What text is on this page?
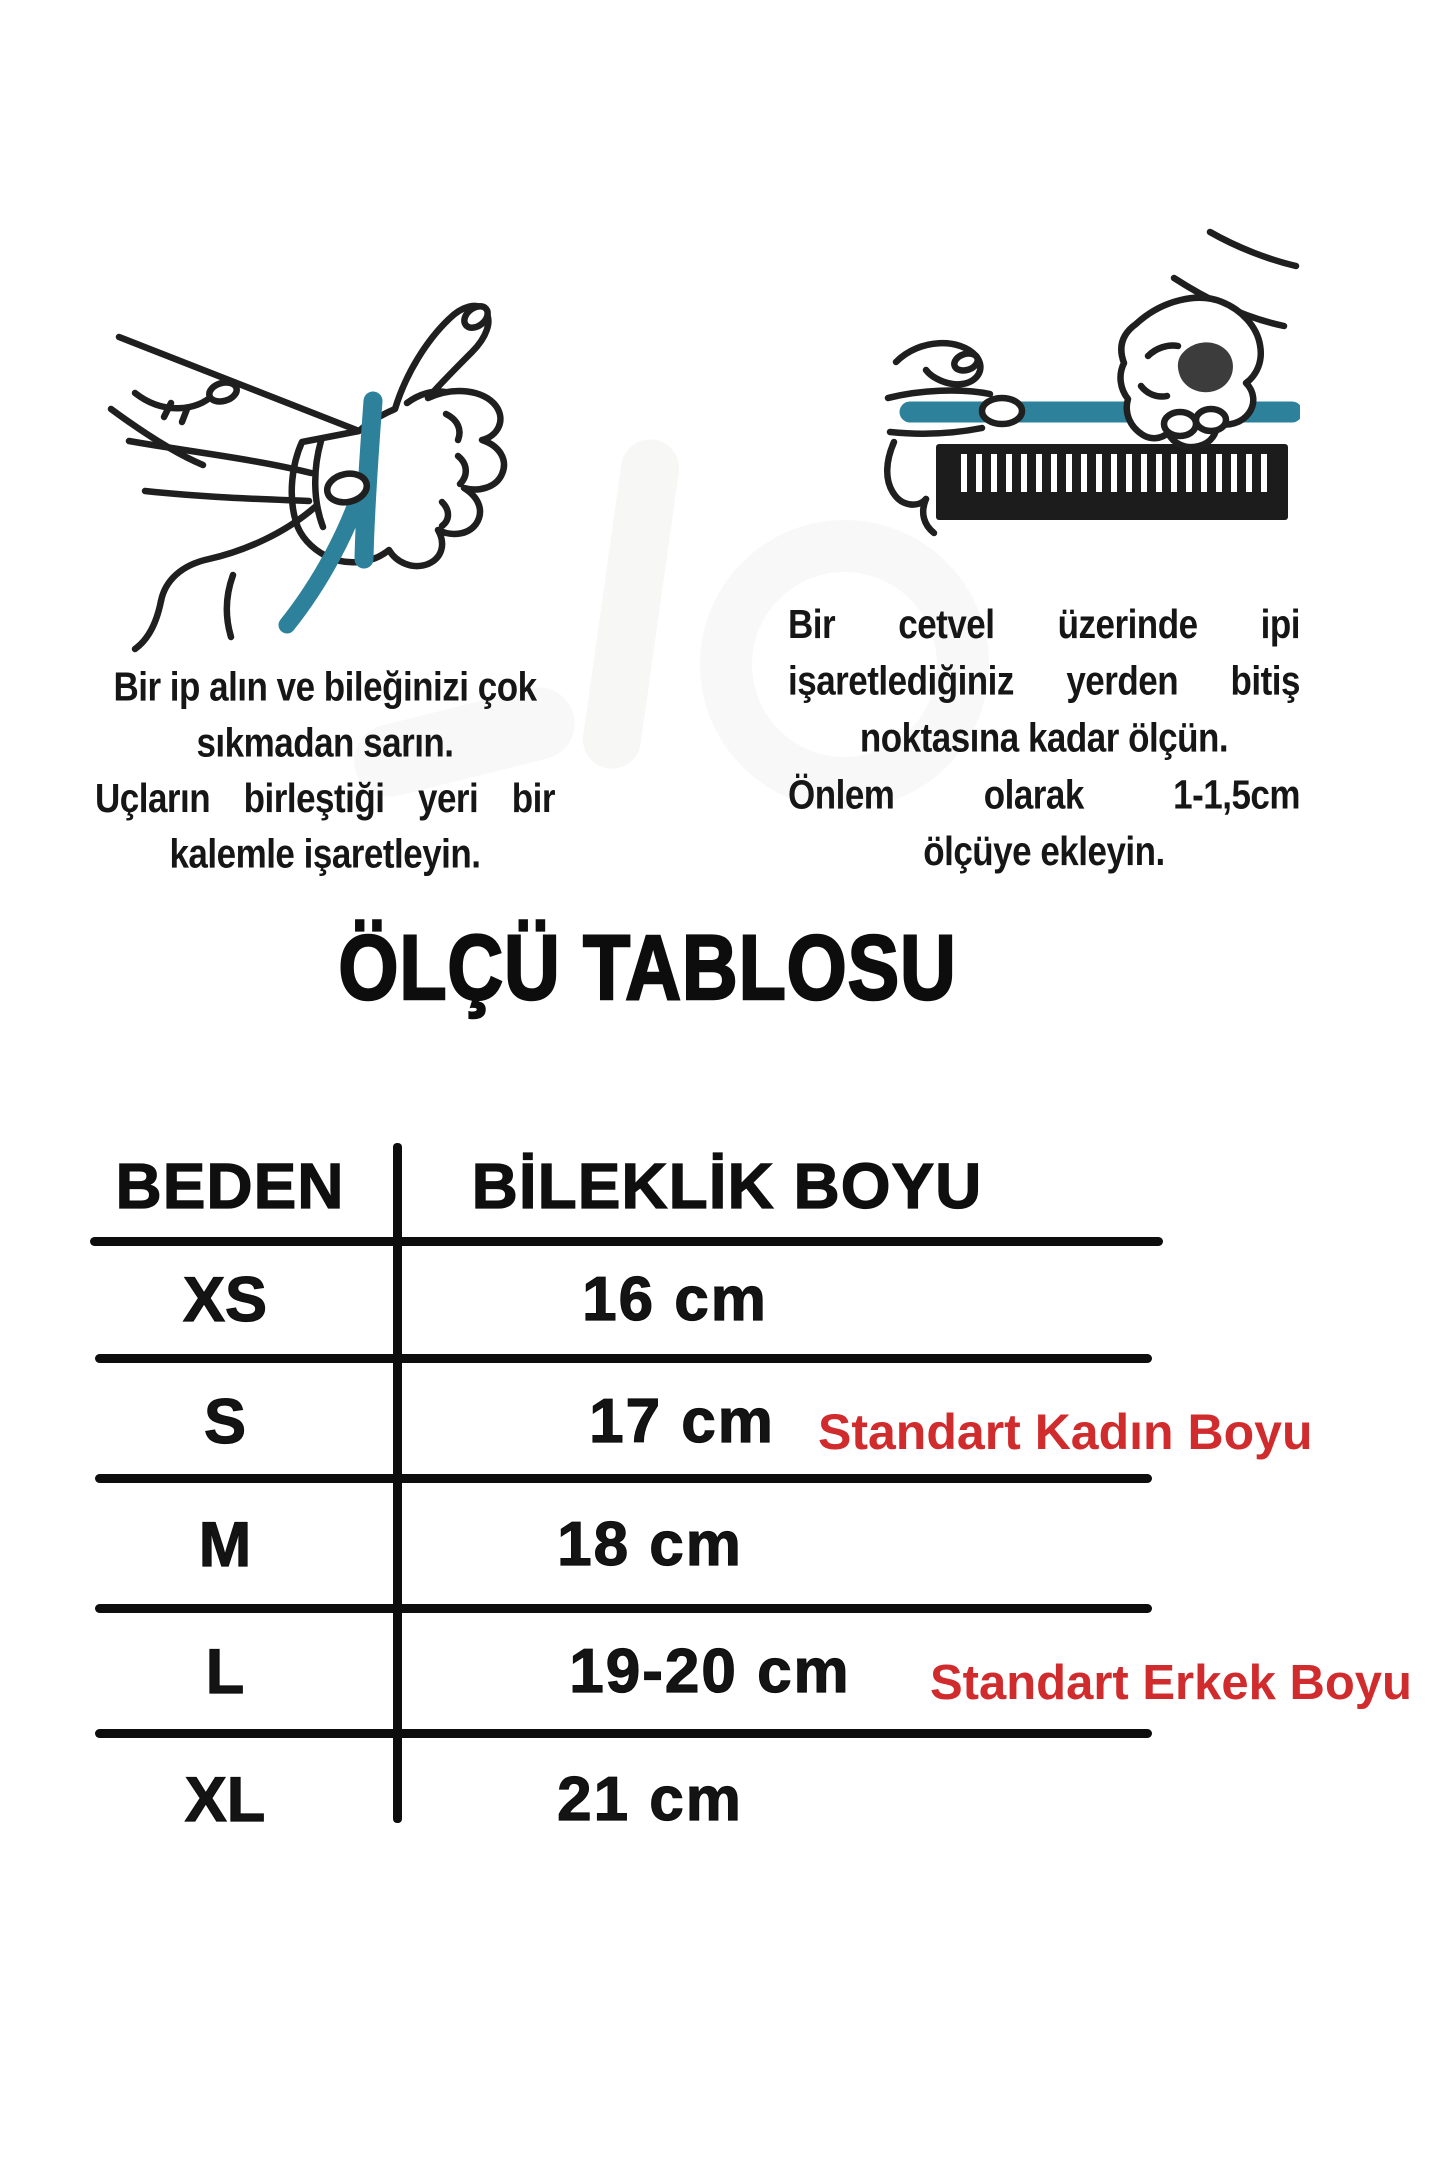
Bir ip alın ve bileğinizi çok
sıkmadan sarın.
Uçların birleştiği yeri bir
kalemle işaretleyin.
Bir cetvel üzerinde ipi
işaretlediğiniz yerden bitiş
noktasına kadar ölçün.
Önlem olarak 1-1,5cm
ölçüye ekleyin.
ÖLÇÜ TABLOSU
BEDEN	BİLEKLİK BOYU
XS	16 cm
S	17 cm Standart Kadın Boyu
M	18 cm
L	19-20 cm	Standart Erkek Boyu
XL	21 cm
